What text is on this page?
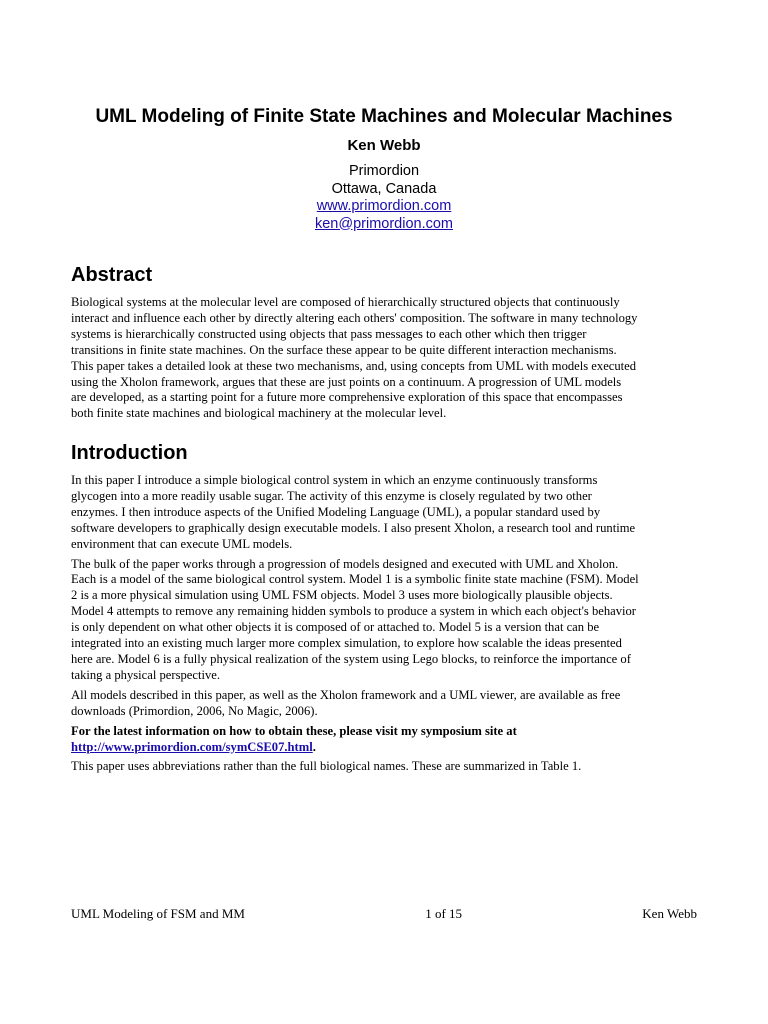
UML Modeling of Finite State Machines and Molecular Machines
Ken Webb
Primordion
Ottawa, Canada
www.primordion.com
ken@primordion.com
Abstract
Biological systems at the molecular level are composed of hierarchically structured objects that continuously
interact and influence each other by directly altering each others' composition. The software in many technology
systems is hierarchically constructed using objects that pass messages to each other which then trigger
transitions in finite state machines. On the surface these appear to be quite different interaction mechanisms.
This paper takes a detailed look at these two mechanisms, and, using concepts from UML with models executed
using the Xholon framework, argues that these are just points on a continuum. A progression of UML models
are developed, as a starting point for a future more comprehensive exploration of this space that encompasses
both finite state machines and biological machinery at the molecular level.
Introduction
In this paper I introduce a simple biological control system in which an enzyme continuously transforms
glycogen into a more readily usable sugar. The activity of this enzyme is closely regulated by two other
enzymes. I then introduce aspects of the Unified Modeling Language (UML), a popular standard used by
software developers to graphically design executable models. I also present Xholon, a research tool and runtime
environment that can execute UML models.
The bulk of the paper works through a progression of models designed and executed with UML and Xholon.
Each is a model of the same biological control system. Model 1 is a symbolic finite state machine (FSM). Model
2 is a more physical simulation using UML FSM objects. Model 3 uses more biologically plausible objects.
Model 4 attempts to remove any remaining hidden symbols to produce a system in which each object's behavior
is only dependent on what other objects it is composed of or attached to. Model 5 is a version that can be
integrated into an existing much larger more complex simulation, to explore how scalable the ideas presented
here are. Model 6 is a fully physical realization of the system using Lego blocks, to reinforce the importance of
taking a physical perspective.
All models described in this paper, as well as the Xholon framework and a UML viewer, are available as free
downloads (Primordion, 2006, No Magic, 2006).
For the latest information on how to obtain these, please visit my symposium site at
http://www.primordion.com/symCSE07.html.
This paper uses abbreviations rather than the full biological names. These are summarized in Table 1.
UML Modeling of FSM and MM	1 of 15	Ken Webb
